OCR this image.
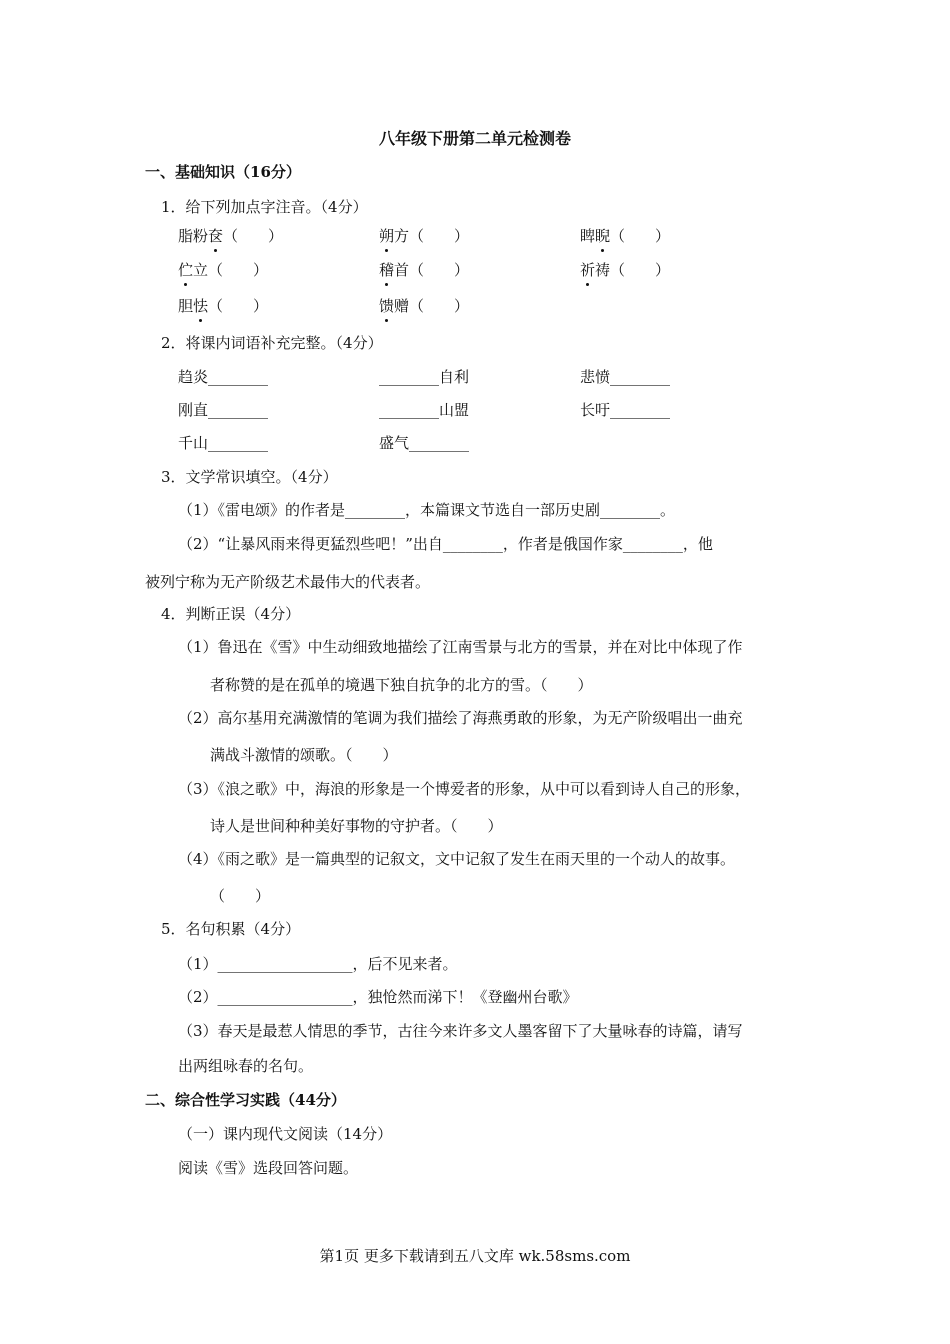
八年级下册第二单元检测卷
一、基础知识（16分）
1．给下列加点字注音。（4分）
脂粉奁（　　）	朔方（　　）	睥睨（　　）
伫立（　　）	稽首（　　）	祈祷（　　）
胆怯（　　）	馈赠（　　）
2．将课内词语补充完整。（4分）
趋炎________	________自利	悲愤________
刚直________	________山盟	长吁________
千山________	盛气________
3．文学常识填空。（4分）
（1）《雷电颂》的作者是________，本篇课文节选自一部历史剧________。
（2）“让暴风雨来得更猛烈些吧！”出自________，作者是俄国作家________，他
被列宁称为无产阶级艺术最伟大的代表者。
4．判断正误（4分）
（1）鲁迅在《雪》中生动细致地描绘了江南雪景与北方的雪景，并在对比中体现了作
者称赞的是在孤单的境遇下独自抗争的北方的雪。（　　）
（2）高尔基用充满激情的笔调为我们描绘了海燕勇敢的形象，为无产阶级唱出一曲充
满战斗激情的颂歌。（　　）
（3）《浪之歌》中，海浪的形象是一个博爱者的形象，从中可以看到诗人自己的形象，
诗人是世间种种美好事物的守护者。（　　）
（4）《雨之歌》是一篇典型的记叙文，文中记叙了发生在雨天里的一个动人的故事。
（　　）
5．名句积累（4分）
（1）__________________，后不见来者。
（2）__________________，独怆然而涕下！《登幽州台歌》
（3）春天是最惹人情思的季节，古往今来许多文人墨客留下了大量咏春的诗篇，请写
出两组咏春的名句。
二、综合性学习实践（44分）
（一）课内现代文阅读（14分）
阅读《雪》选段回答问题。
第1页 更多下载请到五八文库 wk.58sms.com
